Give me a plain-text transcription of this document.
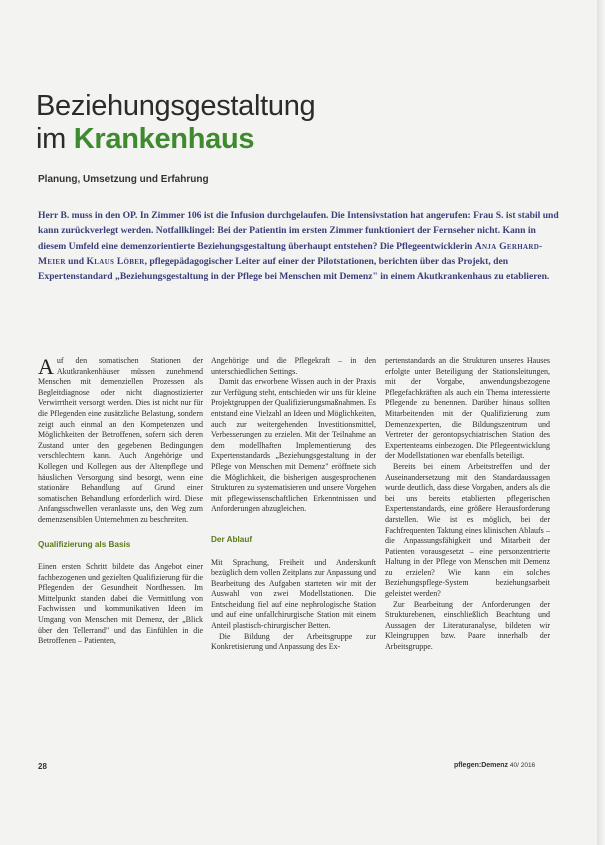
Beziehungsgestaltung
im Krankenhaus
Planung, Umsetzung und Erfahrung
Herr B. muss in den OP. In Zimmer 106 ist die Infusion durchgelaufen. Die Intensivstation hat angerufen: Frau S. ist stabil und kann zurückverlegt werden. Notfallklingel: Bei der Patientin im ersten Zimmer funktioniert der Fernseher nicht. Kann in diesem Umfeld eine demenzorientierte Beziehungsgestaltung überhaupt entstehen? Die Pflegeentwicklerin Anja Gerhard-Meier und Klaus Löber, pflegepädagogischer Leiter auf einer der Pilotstationen, berichten über das Projekt, den Expertenstandard „Beziehungsgestaltung in der Pflege bei Menschen mit Demenz" in einem Akutkrankenhaus zu etablieren.

Auf den somatischen Stationen der Akutkrankenhäuser müssen zunehmend Menschen mit demenziellen Prozessen als Begleitdiagnose oder nicht diagnostizierter Verwirrtheit versorgt werden. Dies ist nicht nur für die Pflegenden eine zusätzliche Belastung, sondern zeigt auch einmal an den Kompetenzen und Möglichkeiten der Betroffenen, sofern sich deren Zustand unter den gegebenen Bedingungen verschlechtern kann. Auch Angehörige und Kollegen und Kollegen aus der Altenpflege und häuslichen Versorgung sind besorgt, wenn eine stationäre Behandlung auf Grund einer somatischen Behandlung erforderlich wird. Diese Anfangsschwellen veranlasste uns, den Weg zum demenzsensiblen Unternehmen zu beschreiten.

Qualifizierung als Basis

Einen ersten Schritt bildete das Angebot einer fachbezogenen und gezielten Qualifizierung für die Pflegenden der Gesundheit Nordhessen. Im Mittelpunkt standen dabei die Vermittlung von Fachwissen und kommunikativen Ideen im Umgang von Menschen mit Demenz, der „Blick über den Tellerrand" und das Einfühlen in die Betroffenen – Patienten,

Angehörige und die Pflegekraft – in den unterschiedlichen Settings.

Damit das erworbene Wissen auch in der Praxis zur Verfügung steht, entschieden wir uns für kleine Projektgruppen der Qualifizierungsmaßnahmen. Es entstand eine Vielzahl an Ideen und Möglichkeiten, auch zur weitergehenden Investitionsmittel, Verbesserungen zu erzielen. Mit der Teilnahme an dem modellhaften Implementierung des Expertenstandards „Beziehungsgestaltung in der Pflege von Menschen mit Demenz" eröffnete sich die Möglichkeit, die bisherigen ausgesprochenen Strukturen zu systematisieren und unsere Vorgehen mit pflegewissenschaftlichen Erkenntnissen und Anforderungen abzugleichen.

Der Ablauf

Mit Sprachung, Freiheit und Anderskunft bezüglich dem vollen Zeitplans zur Anpassung und Bearbeitung des Aufgaben starteten wir mit der Auswahl von zwei Modellstationen. Die Entscheidung fiel auf eine nephrologische Station und auf eine unfallchirurgische Station mit einem Anteil plastisch-chirurgischer Betten.

Die Bildung der Arbeitsgruppe zur Konkretisierung und Anpassung des Ex-

pertenstandards an die Strukturen unseres Hauses erfolgte unter Beteiligung der Stationsleitungen, mit der Vorgabe, anwendungsbezogene Pflegefachkräften als auch ein Thema interessierte Pflegende zu benennen. Darüber hinaus sollten Mitarbeitenden mit der Qualifizierung zum Demenzexperten, die Bildungszentrum und Vertreter der gerontopsychiatrischen Station des Expertenteams einbezogen. Die Pflegeentwicklung der Modellstationen war ebenfalls beteiligt.

Bereits bei einem Arbeitstreffen und der Auseinandersetzung mit den Standardaussagen wurde deutlich, dass diese Vorgaben, anders als die bei uns bereits etablierten pflegerischen Expertenstandards, eine größere Herausforderung darstellen. Wie ist es möglich, bei der Fachfrequenten Taktung eines klinischen Ablaufs – die Anpassungsfähigkeit und Mitarbeit der Patienten vorausgesetzt – eine personzentrierte Haltung in der Pflege von Menschen mit Demenz zu erzielen? Wie kann ein solches Beziehungspflege-System beziehungsarbeit geleistet werden?

Zur Bearbeitung der Anforderungen der Strukturebenen, einschließlich Beachtung und Aussagen der Literaturanalyse, bildeten wir Kleingruppen bzw. Paare innerhalb der Arbeitsgruppe.

28	pflegen:Demenz 40/ 2016
